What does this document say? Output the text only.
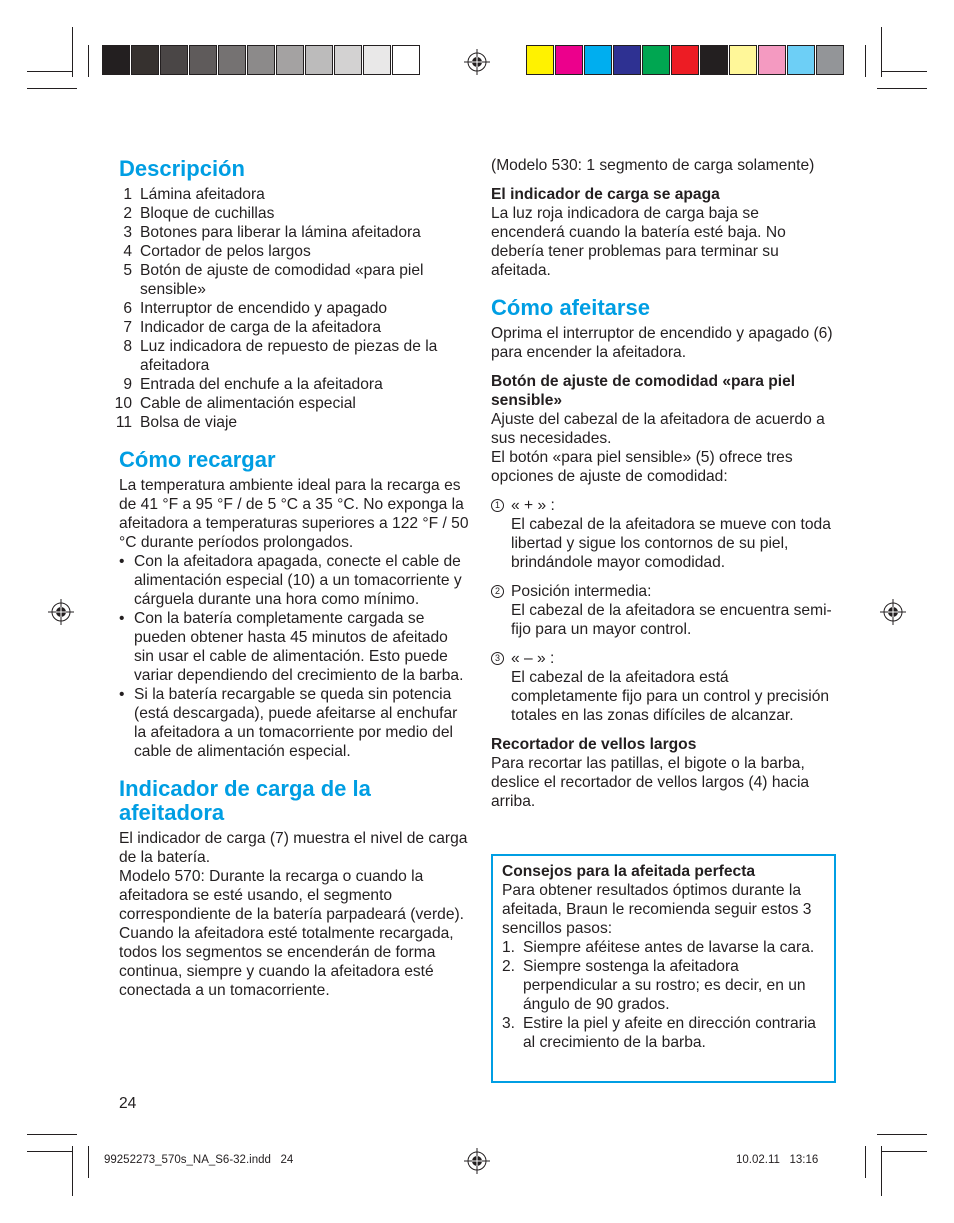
Descripción
1 Lámina afeitadora
2 Bloque de cuchillas
3 Botones para liberar la lámina afeitadora
4 Cortador de pelos largos
5 Botón de ajuste de comodidad «para piel sensible»
6 Interruptor de encendido y apagado
7 Indicador de carga de la afeitadora
8 Luz indicadora de repuesto de piezas de la afeitadora
9 Entrada del enchufe a la afeitadora
10 Cable de alimentación especial
11 Bolsa de viaje
Cómo recargar

La temperatura ambiente ideal para la recarga es de 41 °F a 95 °F / de 5 °C a 35 °C. No exponga la afeitadora a temperaturas superiores a 122 °F / 50 °C durante períodos prolongados.

• Con la afeitadora apagada, conecte el cable de alimentación especial (10) a un tomacorriente y cárguela durante una hora como mínimo.
• Con la batería completamente cargada se pueden obtener hasta 45 minutos de afeitado sin usar el cable de alimentación. Esto puede variar dependiendo del crecimiento de la barba.
• Si la batería recargable se queda sin potencia (está descargada), puede afeitarse al enchufar la afeitadora a un tomacorriente por medio del cable de alimentación especial.
Indicador de carga de la afeitadora

El indicador de carga (7) muestra el nivel de carga de la batería.

Modelo 570: Durante la recarga o cuando la afeitadora se esté usando, el segmento correspondiente de la batería parpadeará (verde). Cuando la afeitadora esté totalmente recargada, todos los segmentos se encenderán de forma continua, siempre y cuando la afeitadora esté conectada a un tomacorriente.

24

(Modelo 530: 1 segmento de carga solamente)

El indicador de carga se apaga

La luz roja indicadora de carga baja se encenderá cuando la batería esté baja. No debería tener problemas para terminar su afeitada.

Cómo afeitarse

Oprima el interruptor de encendido y apagado (6) para encender la afeitadora.

Botón de ajuste de comodidad «para piel sensible»

Ajuste del cabezal de la afeitadora de acuerdo a sus necesidades.

El botón «para piel sensible» (5) ofrece tres opciones de ajuste de comodidad:

1 « + » :
El cabezal de la afeitadora se mueve con toda libertad y sigue los contornos de su piel, brindándole mayor comodidad.
2 Posición intermedia:
El cabezal de la afeitadora se encuentra semi-fijo para un mayor control.
3 « – » :
El cabezal de la afeitadora está completamente fijo para un control y precisión totales en las zonas difíciles de alcanzar.

Recortador de vellos largos

Para recortar las patillas, el bigote o la barba, deslice el recortador de vellos largos (4) hacia arriba.

Consejos para la afeitada perfecta

Para obtener resultados óptimos durante la afeitada, Braun le recomienda seguir estos 3 sencillos pasos:

1. Siempre aféitese antes de lavarse la cara.
2. Siempre sostenga la afeitadora perpendicular a su rostro; es decir, en un ángulo de 90 grados.
3. Estire la piel y afeite en dirección contraria al crecimiento de la barba.
99252273_570s_NA_S6-32.indd   24	10.02.11   13:16
